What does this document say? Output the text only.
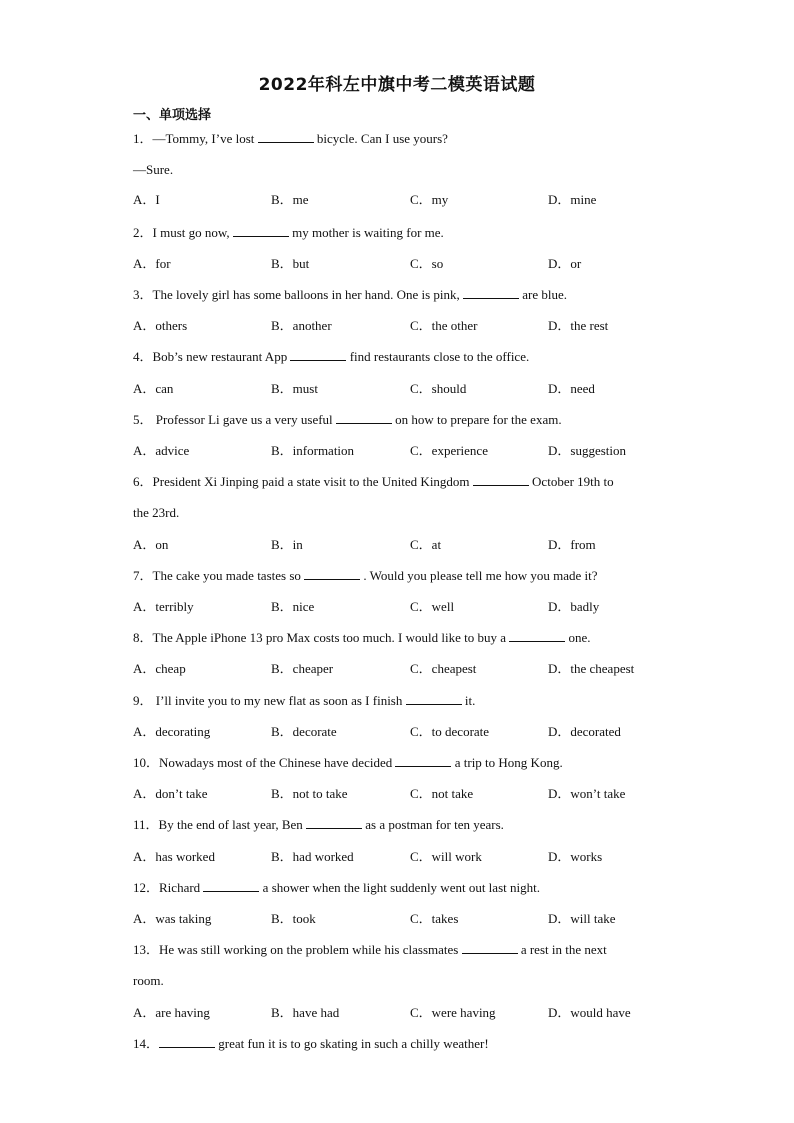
2022年科左中旗中考二模英语试题
一、单项选择
1．—Tommy, I’ve lost	bicycle. Can I use yours?
—Sure.
A．I	B．me	C．my	D．mine
2．I must go now,	my mother is waiting for me.
A．for	B．but	C．so	D．or
3．The lovely girl has some balloons in her hand. One is pink,	are blue.
A．others	B．another	C．the other	D．the rest
4．Bob’s new restaurant App	find restaurants close to the office.
A．can	B．must	C．should	D．need
5． Professor Li gave us a very useful	on how to prepare for the exam.
A．advice	B．information	C．experience	D．suggestion
6．President Xi Jinping paid a state visit to the United Kingdom	October 19th to
the 23rd.
A．on	B．in	C．at	D．from
7．The cake you made tastes so	. Would you please tell me how you made it?
A．terribly	B．nice	C．well	D．badly
8．The Apple iPhone 13 pro Max costs too much. I would like to buy a	one.
A．cheap	B．cheaper	C．cheapest	D．the cheapest
9． I’ll invite you to my new flat as soon as I finish	it.
A．decorating	B．decorate	C．to decorate	D．decorated
10．Nowadays most of the Chinese have decided	a trip to Hong Kong.
A．don’t take	B．not to take	C．not take	D．won’t take
11．By the end of last year, Ben	as a postman for ten years.
A．has worked	B．had worked	C．will work	D．works
12．Richard	a shower when the light suddenly went out last night.
A．was taking	B．took	C．takes	D．will take
13．He was still working on the problem while his classmates	a rest in the next
room.
A．are having	B．have had	C．were having	D．would have
14．	great fun it is to go skating in such a chilly weather!
